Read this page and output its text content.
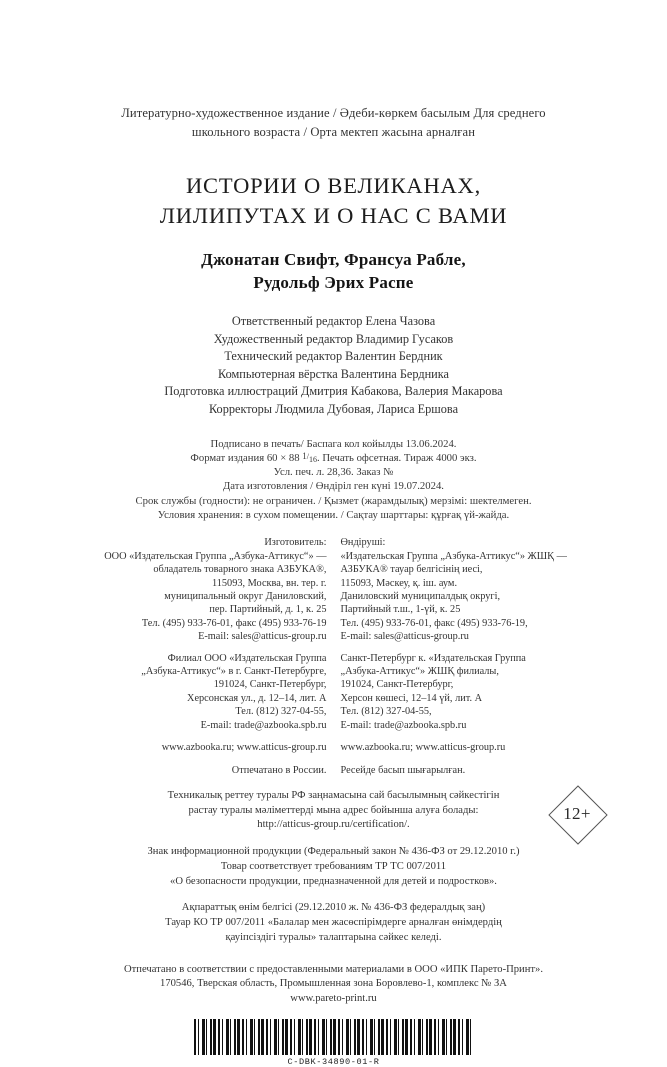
Литературно-художественное издание / Әдеби-көркем басылым Для среднего школьного возраста / Орта мектеп жасына арналған
ИСТОРИИ О ВЕЛИКАНАХ,
ЛИЛИПУТАХ И О НАС С ВАМИ
Джонатан Свифт, Франсуа Рабле,
Рудольф Эрих Распе
Ответственный редактор Елена Чазова
Художественный редактор Владимир Гусаков
Технический редактор Валентин Бердник
Компьютерная вёрстка Валентина Бердника
Подготовка иллюстраций Дмитрия Кабакова, Валерия Макарова
Корректоры Людмила Дубовая, Лариса Ершова
Подписано в печать/ Баспага кол койылды 13.06.2024.
Формат издания 60 × 88 $1/_{16}$. Печать офсетная. Тираж 4000 экз.
Усл. печ. л. 28,36. Заказ №
Дата изготовления / Өндіріл ген күні 19.07.2024.
Срок службы (годности): не ограничен. / Қызмет (жарамдылық) мерзімі: шектелмеген.
Условия хранения: в сухом помещении. / Сақтау шарттары: құрғақ үй-жайда.
Изготовитель:
ООО «Издательская Группа „Азбука-Аттикус“» —
обладатель товарного знака АЗБУКА®,
115093, Москва, вн. тер. г.
муниципальный округ Даниловский,
пер. Партийный, д. 1, к. 25
Тел. (495) 933-76-01, факс (495) 933-76-19
E-mail: sales@atticus-group.ru
Филиал ООО «Издательская Группа
„Азбука-Аттикус“» в г. Санкт-Петербурге,
191024, Санкт-Петербург,
Херсонская ул., д. 12–14, лит. А
Тел. (812) 327-04-55,
E-mail: trade@azbooka.spb.ru
Өндіруші:
«Издательская Группа „Азбука-Аттикус“» ЖШҚ —
АЗБУКА® тауар белгісінің иесі,
115093, Мәскеу, қ. іш. аум.
Даниловский муниципалдық округі,
Партийный т.ш., 1-үй, к. 25
Тел. (495) 933-76-01, факс (495) 933-76-19,
E-mail: sales@atticus-group.ru
Санкт-Петербург к. «Издательская Группа
„Азбука-Аттикус“» ЖШҚ филиалы,
191024, Санкт-Петербург,
Херсон көшесі, 12–14 үй, лит. А
Тел. (812) 327-04-55,
E-mail: trade@azbooka.spb.ru
www.azbooka.ru; www.atticus-group.ru www.azbooka.ru; www.atticus-group.ru
Отпечатано в России. Ресейде басып шығарылған.
Техникалық реттеу туралы РФ заңнамасына сай басылымның сәйкестігін
растау туралы мәліметтерді мына адрес бойынша алуға болады:
http://atticus-group.ru/certification/.
Знак информационной продукции (Федеральный закон № 436-ФЗ от 29.12.2010 г.)
Товар соответствует требованиям ТР ТС 007/2011
«О безопасности продукции, предназначенной для детей и подростков».
Ақпараттық өнім белгісі (29.12.2010 ж. № 436-ФЗ федералдық заң)
Тауар КО ТР 007/2011 «Балалар мен жасөспірімдерге арналған өнімдердің
қауіпсіздігі туралы» талаптарына сәйкес келеді.
12+
Отпечатано в соответствии с предоставленными материалами в ООО «ИПК Парето-Принт».
170546, Тверская область, Промышленная зона Боровлево-1, комплекс № ЗА
www.pareto-print.ru
C-DBK-34890-01-R
